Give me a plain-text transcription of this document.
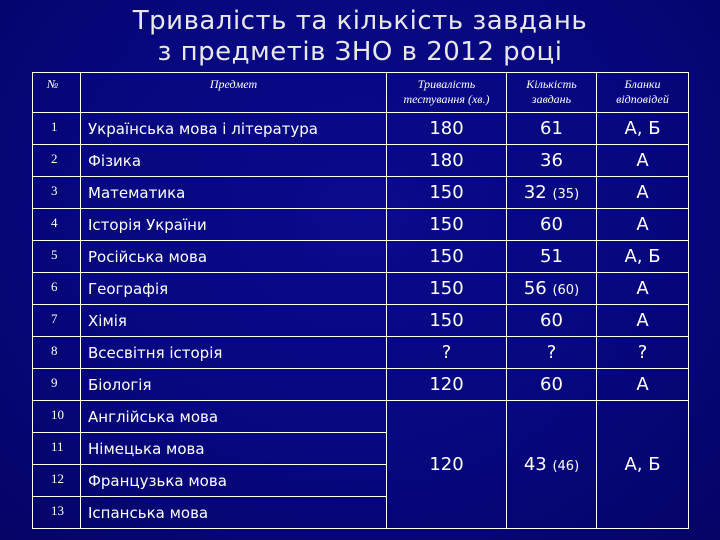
Тривалість та кількість завдань
з предметів ЗНО в 2012 році
№	Предмет	Тривалість тестування (хв.)	Кількість завдань	Бланки відповідей
1	Українська мова і література	180	61	А, Б
2	Фізика	180	36	А
3	Математика	150	32 (35)	А
4	Історія України	150	60	А
5	Російська мова	150	51	А, Б
6	Географія	150	56 (60)	А
7	Хімія	150	60	А
8	Всесвітня історія	?	?	?
9	Біологія	120	60	А
10	Англійська мова	120	43 (46)	А, Б
11	Німецька мова			
12	Французька мова			
13	Іспанська мова			
